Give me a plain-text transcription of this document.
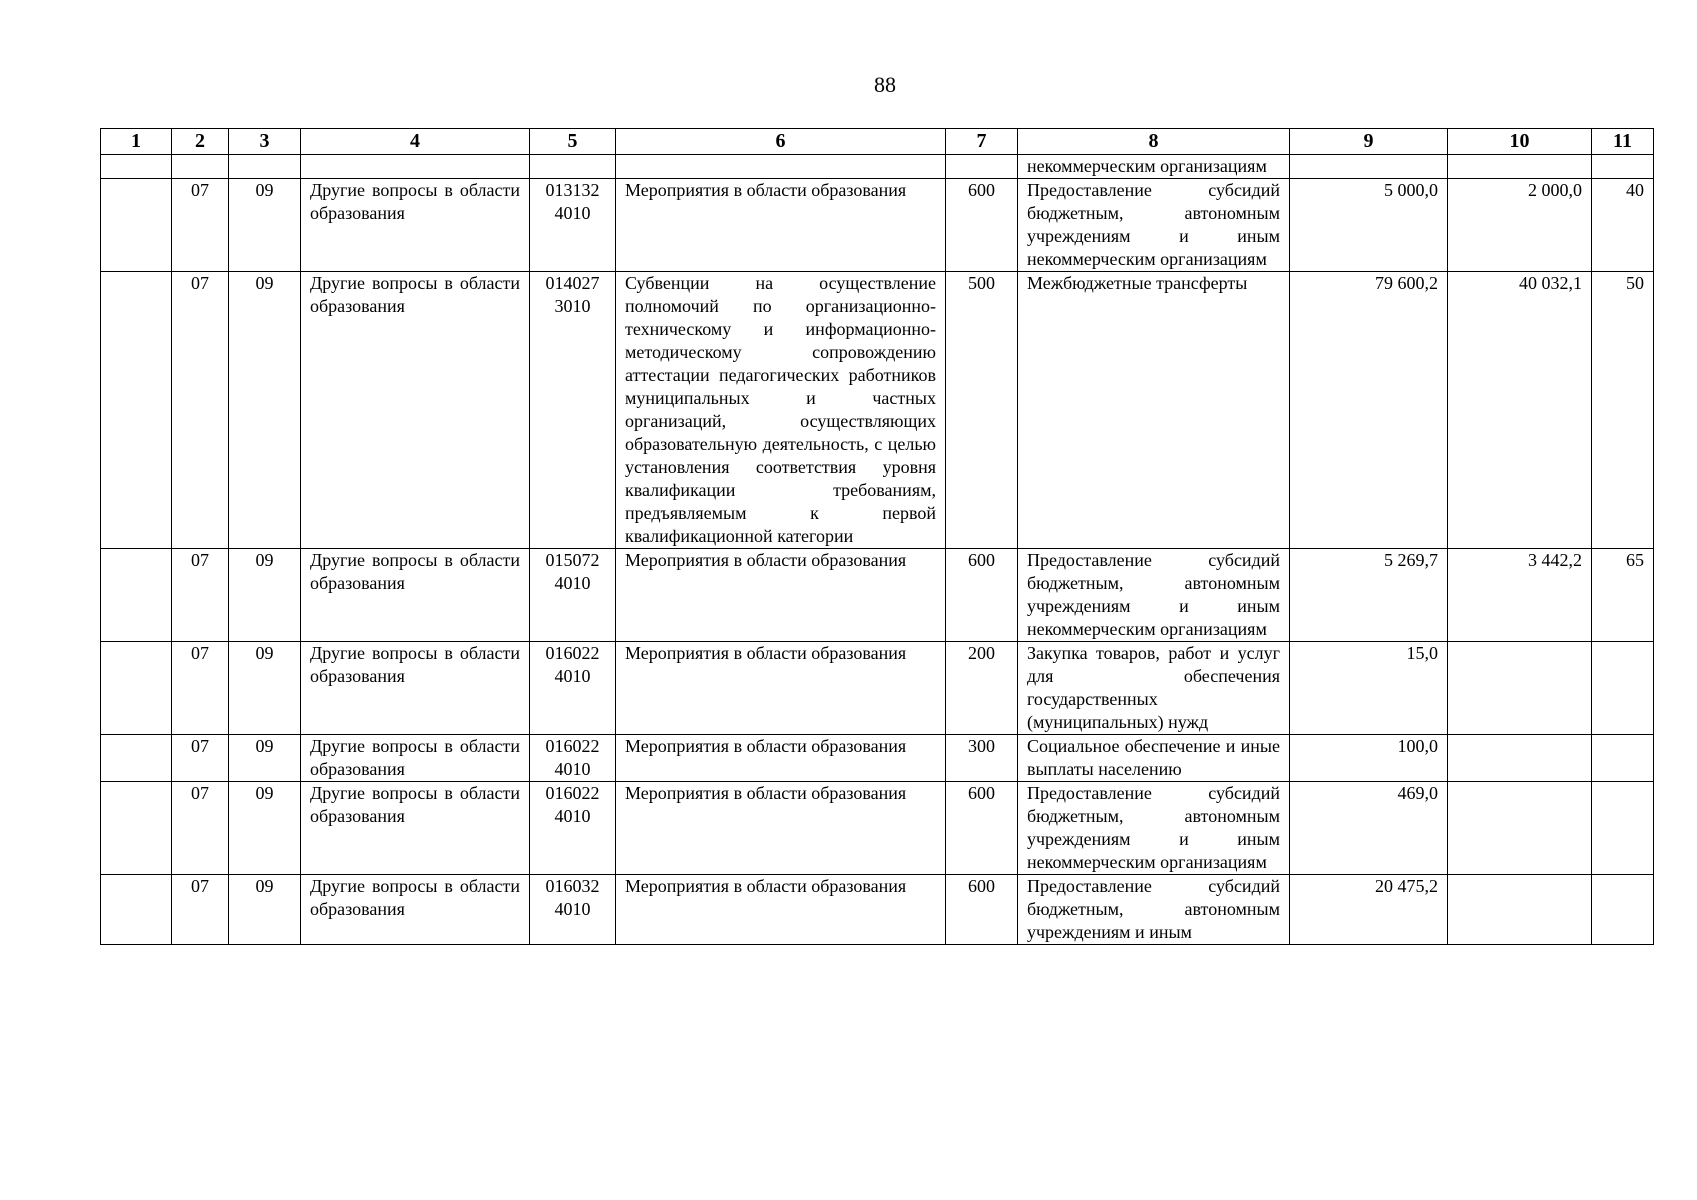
88
1	2	3	4	5	6	7	8	9	10	11
							некоммерческим организациям			
	07	09	Другие вопросы в области образования	013132 4010	Мероприятия в области образования	600	Предоставление субсидий бюджетным, автономным учреждениям и иным некоммерческим организациям	5 000,0	2 000,0	40
	07	09	Другие вопросы в области образования	014027 3010	Субвенции на осуществление полномочий по организационно-техническому и информационно-методическому сопровождению аттестации педагогических работников муниципальных и частных организаций, осуществляющих образовательную деятельность, с целью установления соответствия уровня квалификации требованиям, предъявляемым к первой квалификационной категории	500	Межбюджетные трансферты	79 600,2	40 032,1	50
	07	09	Другие вопросы в области образования	015072 4010	Мероприятия в области образования	600	Предоставление субсидий бюджетным, автономным учреждениям и иным некоммерческим организациям	5 269,7	3 442,2	65
	07	09	Другие вопросы в области образования	016022 4010	Мероприятия в области образования	200	Закупка товаров, работ и услуг для обеспечения государственных (муниципальных) нужд	15,0		
	07	09	Другие вопросы в области образования	016022 4010	Мероприятия в области образования	300	Социальное обеспечение и иные выплаты населению	100,0		
	07	09	Другие вопросы в области образования	016022 4010	Мероприятия в области образования	600	Предоставление субсидий бюджетным, автономным учреждениям и иным некоммерческим организациям	469,0		
	07	09	Другие вопросы в области образования	016032 4010	Мероприятия в области образования	600	Предоставление субсидий бюджетным, автономным учреждениям и иным	20 475,2		
